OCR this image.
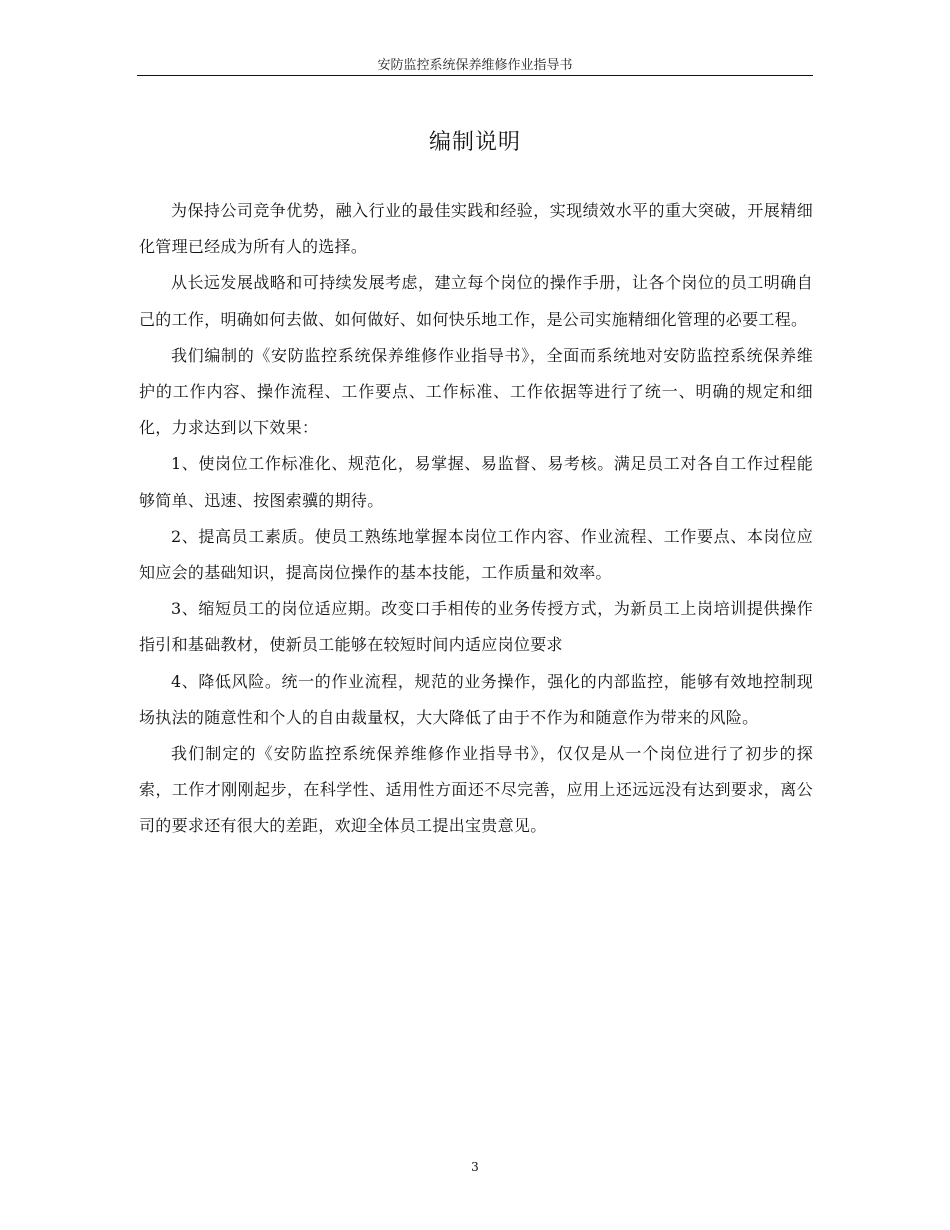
安防监控系统保养维修作业指导书
编制说明

为保持公司竞争优势，融入行业的最佳实践和经验，实现绩效水平的重大突破，开展精细化管理已经成为所有人的选择。

从长远发展战略和可持续发展考虑，建立每个岗位的操作手册，让各个岗位的员工明确自己的工作，明确如何去做、如何做好、如何快乐地工作，是公司实施精细化管理的必要工程。

我们编制的《安防监控系统保养维修作业指导书》，全面而系统地对安防监控系统保养维护的工作内容、操作流程、工作要点、工作标准、工作依据等进行了统一、明确的规定和细化，力求达到以下效果：

1、使岗位工作标准化、规范化，易掌握、易监督、易考核。满足员工对各自工作过程能够简单、迅速、按图索骥的期待。

2、提高员工素质。使员工熟练地掌握本岗位工作内容、作业流程、工作要点、本岗位应知应会的基础知识，提高岗位操作的基本技能，工作质量和效率。

3、缩短员工的岗位适应期。改变口手相传的业务传授方式，为新员工上岗培训提供操作指引和基础教材，使新员工能够在较短时间内适应岗位要求

4、降低风险。统一的作业流程，规范的业务操作，强化的内部监控，能够有效地控制现场执法的随意性和个人的自由裁量权，大大降低了由于不作为和随意作为带来的风险。

我们制定的《安防监控系统保养维修作业指导书》，仅仅是从一个岗位进行了初步的探索，工作才刚刚起步，在科学性、适用性方面还不尽完善，应用上还远远没有达到要求，离公司的要求还有很大的差距，欢迎全体员工提出宝贵意见。

3
